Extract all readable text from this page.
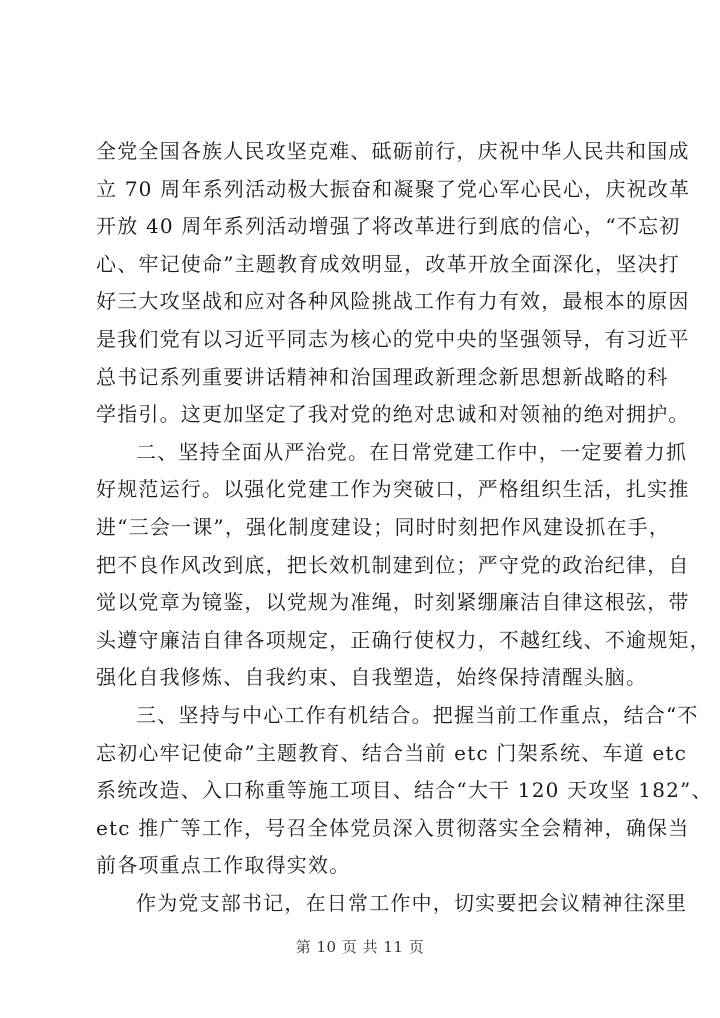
全党全国各族人民攻坚克难、砥砺前行，庆祝中华人民共和国成
立 70 周年系列活动极大振奋和凝聚了党心军心民心，庆祝改革
开放 40 周年系列活动增强了将改革进行到底的信心，“不忘初
心、牢记使命”主题教育成效明显，改革开放全面深化，坚决打
好三大攻坚战和应对各种风险挑战工作有力有效，最根本的原因
是我们党有以习近平同志为核心的党中央的坚强领导，有习近平
总书记系列重要讲话精神和治国理政新理念新思想新战略的科
学指引。这更加坚定了我对党的绝对忠诚和对领袖的绝对拥护。
二、坚持全面从严治党。在日常党建工作中，一定要着力抓
好规范运行。以强化党建工作为突破口，严格组织生活，扎实推
进“三会一课”，强化制度建设；同时时刻把作风建设抓在手，
把不良作风改到底，把长效机制建到位；严守党的政治纪律，自
觉以党章为镜鉴，以党规为准绳，时刻紧绷廉洁自律这根弦，带
头遵守廉洁自律各项规定，正确行使权力，不越红线、不逾规矩，
强化自我修炼、自我约束、自我塑造，始终保持清醒头脑。
三、坚持与中心工作有机结合。把握当前工作重点，结合“不
忘初心牢记使命”主题教育、结合当前 etc 门架系统、车道 etc
系统改造、入口称重等施工项目、结合“大干 120 天攻坚 182”、
etc 推广等工作，号召全体党员深入贯彻落实全会精神，确保当
前各项重点工作取得实效。
作为党支部书记，在日常工作中，切实要把会议精神往深里
第 10 页 共 11 页
